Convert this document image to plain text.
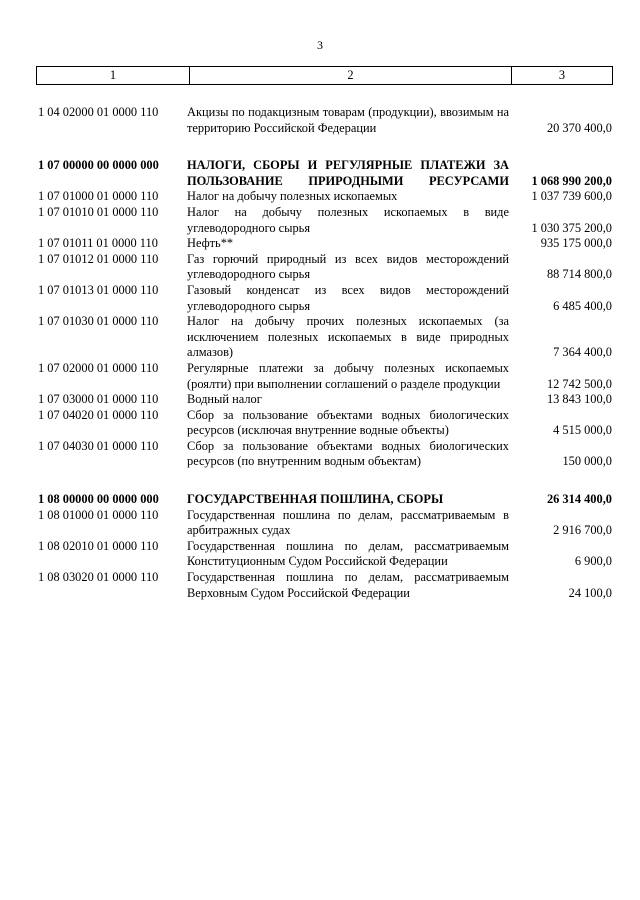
3
1	2	3
1 04 02000 01 0000 110	Акцизы по подакцизным товарам (продукции), ввозимым на территорию Российской Федерации	20 370 400,0
1 07 00000 00 0000 000	НАЛОГИ, СБОРЫ И РЕГУЛЯРНЫЕ ПЛАТЕЖИ ЗА ПОЛЬЗОВАНИЕ ПРИРОДНЫМИ РЕСУРСАМИ	1 068 990 200,0
1 07 01000 01 0000 110	Налог на добычу полезных ископаемых	1 037 739 600,0
1 07 01010 01 0000 110	Налог на добычу полезных ископаемых в виде углеводородного сырья	1 030 375 200,0
1 07 01011 01 0000 110	Нефть**	935 175 000,0
1 07 01012 01 0000 110	Газ горючий природный из всех видов месторождений углеводородного сырья	88 714 800,0
1 07 01013 01 0000 110	Газовый конденсат из всех видов месторождений углеводородного сырья	6 485 400,0
1 07 01030 01 0000 110	Налог на добычу прочих полезных ископаемых (за исключением полезных ископаемых в виде природных алмазов)	7 364 400,0
1 07 02000 01 0000 110	Регулярные платежи за добычу полезных ископаемых (роялти) при выполнении соглашений о разделе продукции	12 742 500,0
1 07 03000 01 0000 110	Водный налог	13 843 100,0
1 07 04020 01 0000 110	Сбор за пользование объектами водных биологических ресурсов (исключая внутренние водные объекты)	4 515 000,0
1 07 04030 01 0000 110	Сбор за пользование объектами водных биологических ресурсов (по внутренним водным объектам)	150 000,0
1 08 00000 00 0000 000	ГОСУДАРСТВЕННАЯ ПОШЛИНА, СБОРЫ	26 314 400,0
1 08 01000 01 0000 110	Государственная пошлина по делам, рассматриваемым в арбитражных судах	2 916 700,0
1 08 02010 01 0000 110	Государственная пошлина по делам, рассматриваемым Конституционным Судом Российской Федерации	6 900,0
1 08 03020 01 0000 110	Государственная пошлина по делам, рассматриваемым Верховным Судом Российской Федерации	24 100,0
